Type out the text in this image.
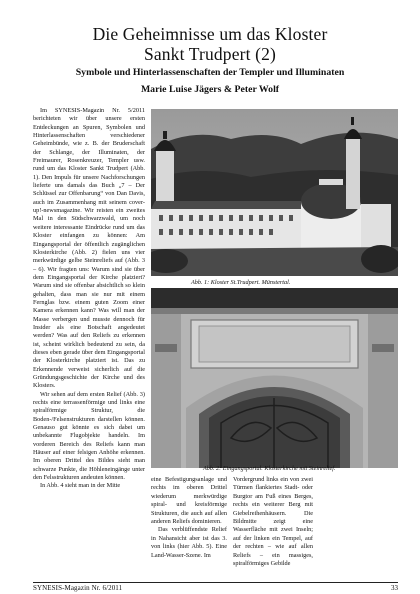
Die Geheimnisse um das Kloster
Sankt Trudpert (2)
Symbole und Hinterlassenschaften der Templer und Illuminaten
Marie Luise Jägers & Peter Wolf

Im SYNESIS-Magazin Nr. 5/2011 berichteten wir über unsere ersten Entdeckungen an Spuren, Symbolen und Hinterlassenschaften verschiedener Geheimbünde, wie z. B. der Bruderschaft der Schlange, der Illuminaten, der Freimaurer, Rosenkreuzer, Templer usw. rund um das Kloster Sankt Trudpert (Abb. 1). Den Impuls für unsere Nachforschungen lieferte uns damals das Buch „7 – Der Schlüssel zur Offenbarung“ von Dan Davis, auch im Zusammenhang mit seinem cover-up!-newsmagazine. Wir reisten ein zweites Mal in den Südschwarzwald, um noch weitere interessante Eindrücke rund um das Kloster einfangen zu können: Am Eingangsportal der öffentlich zugänglichen Klosterkirche (Abb. 2) fielen uns vier merkwürdige gelbe Steinreliefs auf (Abb. 3 – 6). Wir fragten uns: Warum sind sie über dem Eingangsportal der Kirche platziert? Warum sind sie offenbar absichtlich so klein gehalten, dass man sie nur mit einem Fernglas bzw. einem guten Zoom einer Kamera erkennen kann? Was will man der Masse verbergen und musste dennoch für Insider als eine Botschaft angedeutet werden? Was auf den Reliefs zu erkennen ist, scheint wirklich bedeutend zu sein, da dieses eben gerade über dem Eingangsportal der Klosterkirche platziert ist. Das zu Erkennende verweist sicherlich auf die Gründungsgeschichte der Kirche und des Klosters.

Wir sehen auf dem ersten Relief (Abb. 3) rechts eine terrassenförmige und links eine spiralförmige Struktur, die Boden-/Felsenstrukturen darstellen können. Genauso gut könnte es sich dabei um unbekannte Flugobjekte handeln. Im vorderen Bereich des Reliefs kann man Häuser auf einer felsigen Anhöhe erkennen. Im oberen Drittel des Bildes sieht man schwarze Punkte, die Höhleneingänge unter den Felsstrukturen andeuten können.

In Abb. 4 sieht man in der Mitte

Abb. 1: Kloster St.Trudpert. Münstertal.
Abb. 2: Eingangsportal. Klosterkirche mit Steinrelief.

eine Befestigungsanlage und rechts im oberen Drittel wiederum merkwürdige spiral- und kreisförmige Strukturen, die auch auf allen anderen Reliefs dominieren.

Das verblüffendste Relief in Nahansicht aber ist das 3. von links (hier Abb. 5). Eine Land-Wasser-Szene. Im

Vordergrund links ein von zwei Türmen flankiertes Stadt- oder Burgtor am Fuß eines Berges, rechts ein weiterer Berg mit Giebelreihenhäusern. Die Bildmitte zeigt eine Wasserfläche mit zwei Inseln; auf der linken ein Tempel, auf der rechten – wie auf allen Reliefs – ein massiges, spiralförmiges Gebilde

SYNESIS-Magazin Nr. 6/2011	33
